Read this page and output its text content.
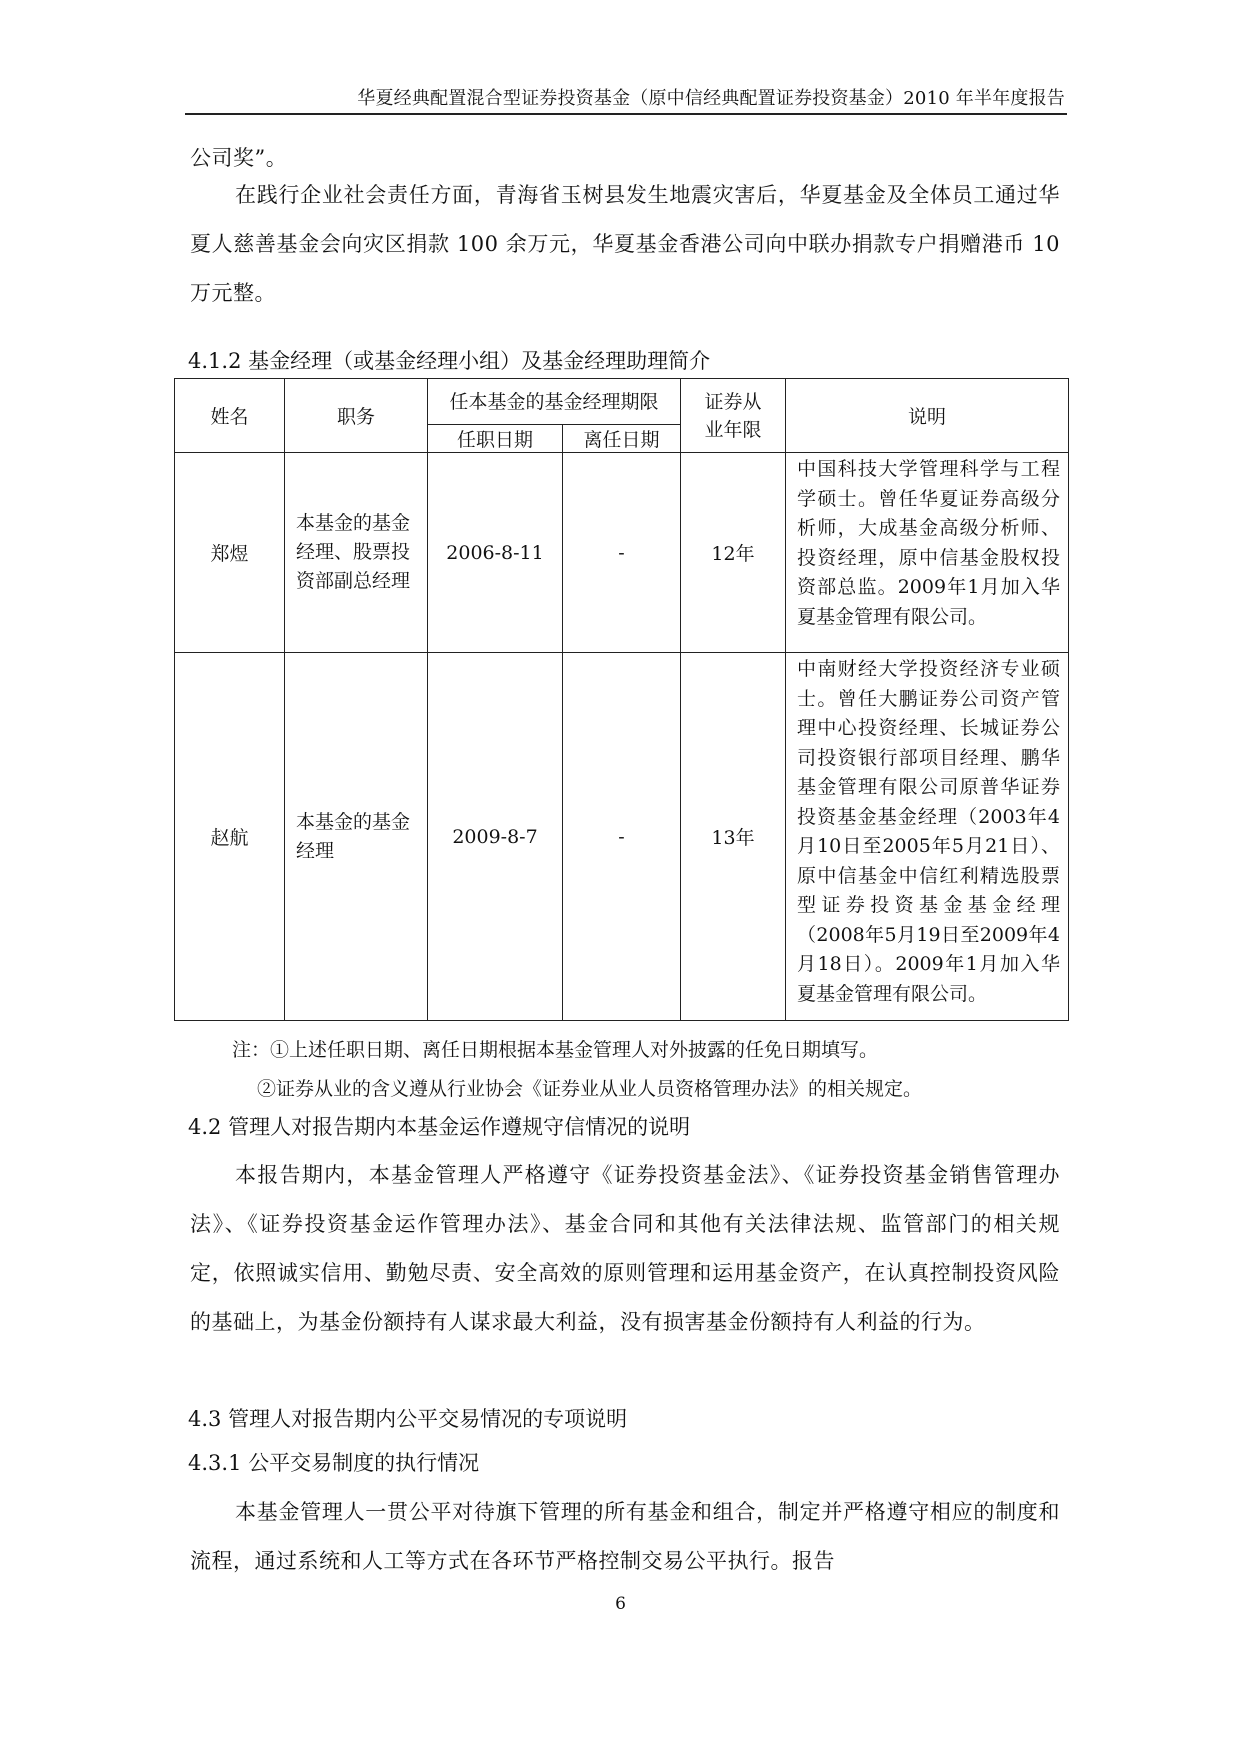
华夏经典配置混合型证券投资基金（原中信经典配置证券投资基金）2010 年半年度报告

公司奖”。

在践行企业社会责任方面，青海省玉树县发生地震灾害后，华夏基金及全体员工通过华夏人慈善基金会向灾区捐款 100 余万元，华夏基金香港公司向中联办捐款专户捐赠港币 10 万元整。

4.1.2 基金经理（或基金经理小组）及基金经理助理简介

姓名	职务	任本基金的基金经理期限		证券从业年限	说明
		任职日期	离任日期		
郑煜	本基金的基金经理、股票投资部副总经理	2006-8-11	-	12年	中国科技大学管理科学与工程学硕士。曾任华夏证券高级分析师，大成基金高级分析师、投资经理，原中信基金股权投资部总监。2009年1月加入华夏基金管理有限公司。
赵航	本基金的基金经理	2009-8-7	-	13年	中南财经大学投资经济专业硕士。曾任大鹏证券公司资产管理中心投资经理、长城证券公司投资银行部项目经理、鹏华基金管理有限公司原普华证券投资基金基金经理（2003年4月10日至2005年5月21日）、原中信基金中信红利精选股票型证券投资基金基金经理（2008年5月19日至2009年4月18日）。2009年1月加入华夏基金管理有限公司。

注：①上述任职日期、离任日期根据本基金管理人对外披露的任免日期填写。

②证券从业的含义遵从行业协会《证券业从业人员资格管理办法》的相关规定。

4.2 管理人对报告期内本基金运作遵规守信情况的说明

本报告期内，本基金管理人严格遵守《证券投资基金法》、《证券投资基金销售管理办法》、《证券投资基金运作管理办法》、基金合同和其他有关法律法规、监管部门的相关规定，依照诚实信用、勤勉尽责、安全高效的原则管理和运用基金资产，在认真控制投资风险的基础上，为基金份额持有人谋求最大利益，没有损害基金份额持有人利益的行为。

4.3 管理人对报告期内公平交易情况的专项说明

4.3.1 公平交易制度的执行情况

本基金管理人一贯公平对待旗下管理的所有基金和组合，制定并严格遵守相应的制度和流程，通过系统和人工等方式在各环节严格控制交易公平执行。报告

6
